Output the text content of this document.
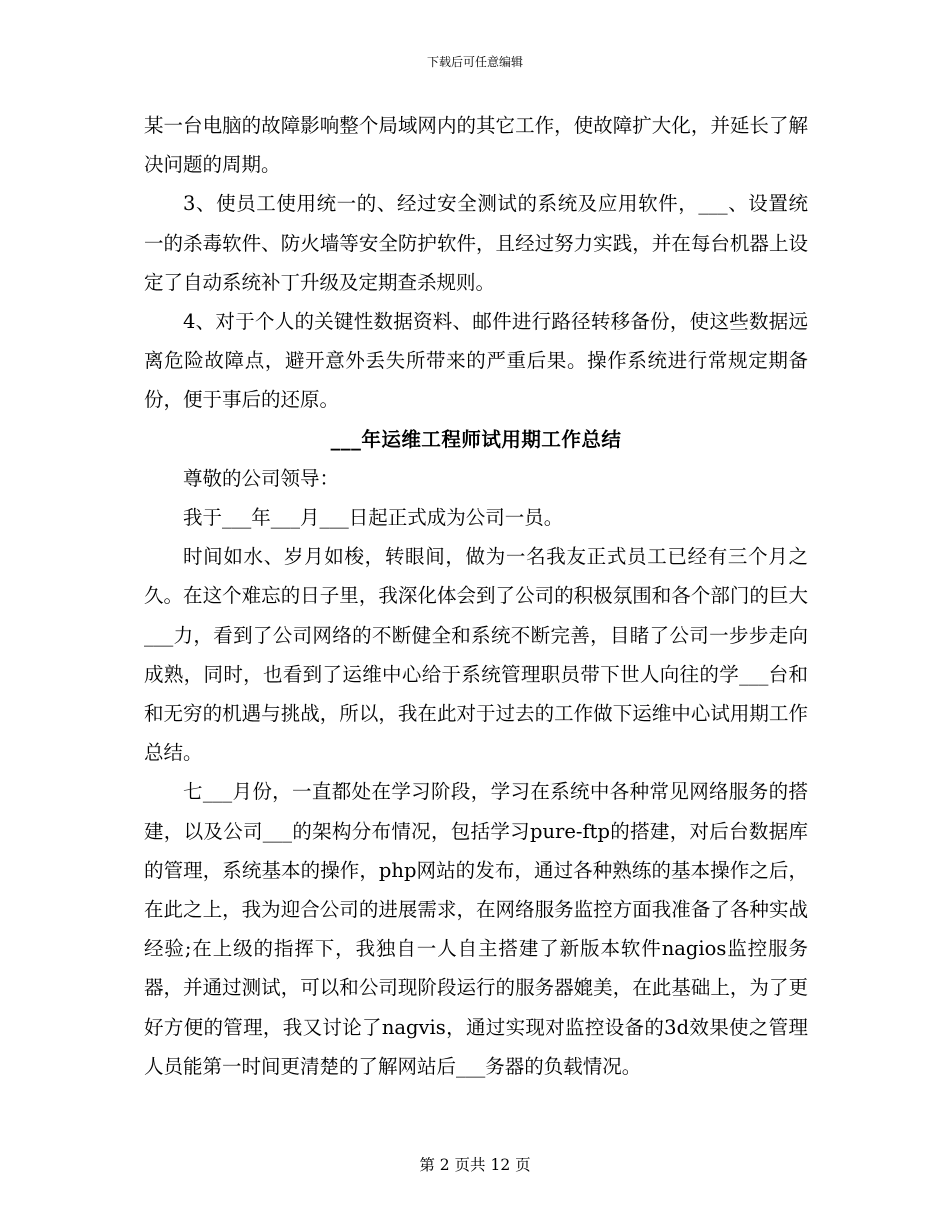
下载后可任意编辑

某一台电脑的故障影响整个局域网内的其它工作，使故障扩大化，并延长了解决问题的周期。

3、使员工使用统一的、经过安全测试的系统及应用软件，___、设置统一的杀毒软件、防火墙等安全防护软件，且经过努力实践，并在每台机器上设定了自动系统补丁升级及定期查杀规则。

4、对于个人的关键性数据资料、邮件进行路径转移备份，使这些数据远离危险故障点，避开意外丢失所带来的严重后果。操作系统进行常规定期备份，便于事后的还原。

___年运维工程师试用期工作总结

尊敬的公司领导：

我于___年___月___日起正式成为公司一员。

时间如水、岁月如梭，转眼间，做为一名我友正式员工已经有三个月之久。在这个难忘的日子里，我深化体会到了公司的积极氛围和各个部门的巨大___力，看到了公司网络的不断健全和系统不断完善，目睹了公司一步步走向成熟，同时，也看到了运维中心给于系统管理职员带下世人向往的学___台和和无穷的机遇与挑战，所以，我在此对于过去的工作做下运维中心试用期工作总结。

七___月份，一直都处在学习阶段，学习在系统中各种常见网络服务的搭建，以及公司___的架构分布情况，包括学习pure-ftp的搭建，对后台数据库的管理，系统基本的操作，php网站的发布，通过各种熟练的基本操作之后，在此之上，我为迎合公司的进展需求，在网络服务监控方面我准备了各种实战经验;在上级的指挥下，我独自一人自主搭建了新版本软件nagios监控服务器，并通过测试，可以和公司现阶段运行的服务器媲美，在此基础上，为了更好方便的管理，我又讨论了nagvis，通过实现对监控设备的3d效果使之管理人员能第一时间更清楚的了解网站后___务器的负载情况。

第 2 页共 12 页
